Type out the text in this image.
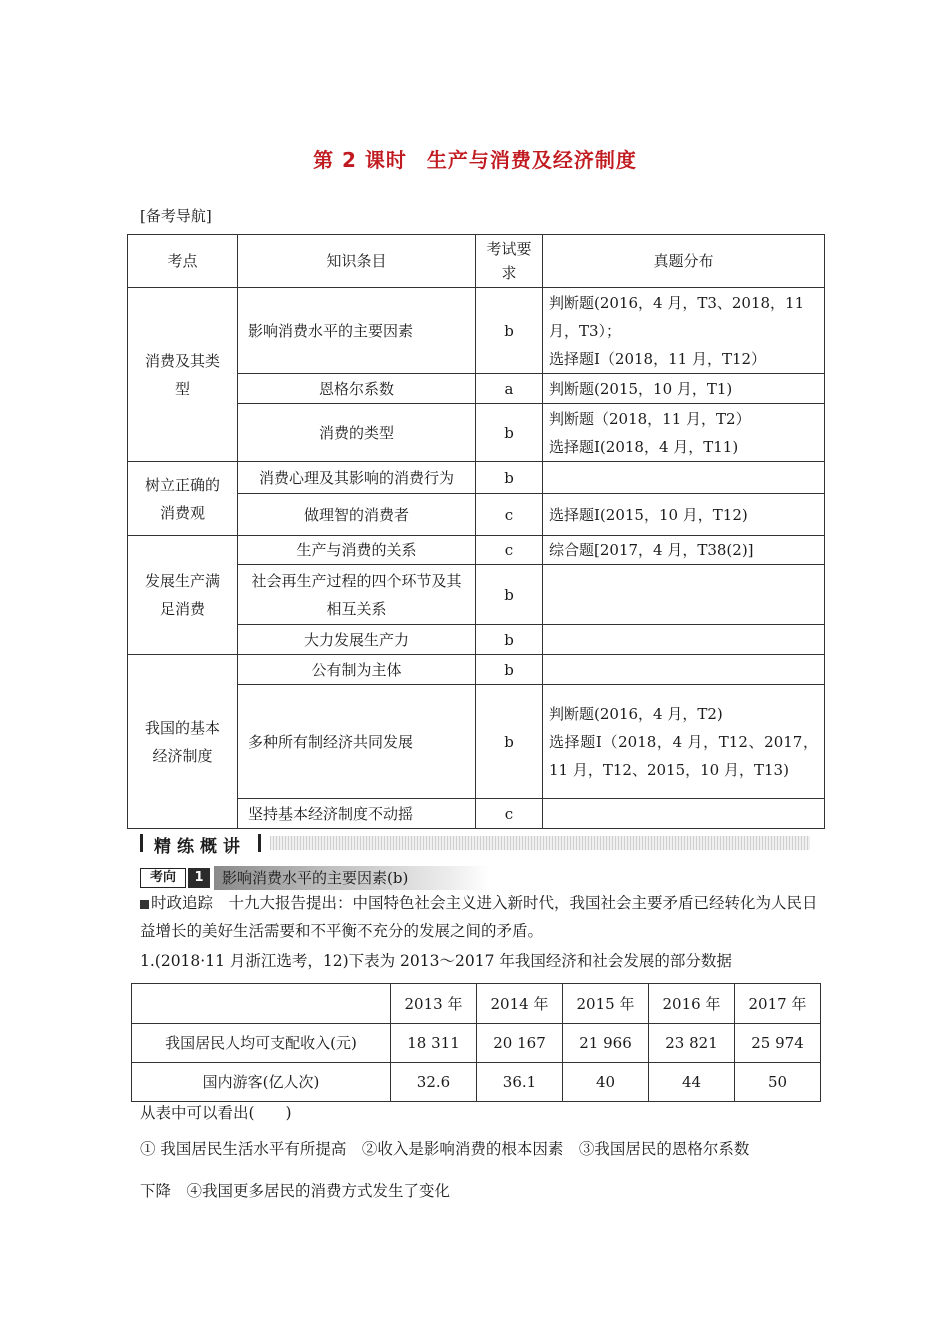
第 2 课时 生产与消费及经济制度
[备考导航]
考点	知识条目	考试要求	真题分布
消费及其类型	影响消费水平的主要因素	b	判断题(2016，4 月，T3、2018，11 月，T3）；
选择题Ⅰ（2018，11 月，T12）
	恩格尔系数	a	判断题(2015，10 月，T1)
	消费的类型	b	判断题（2018，11 月，T2）
选择题Ⅰ(2018，4 月，T11)
树立正确的消费观	消费心理及其影响的消费行为	b	
	做理智的消费者	c	选择题Ⅰ(2015，10 月，T12)
发展生产满足消费	生产与消费的关系	c	综合题[2017，4 月，T38(2)]
	社会再生产过程的四个环节及其相互关系	b	
	大力发展生产力	b	
我国的基本经济制度	公有制为主体	b	
	多种所有制经济共同发展	b	判断题(2016，4 月，T2)
选择题Ⅰ（2018，4 月，T12、2017，11 月，T12、2015，10 月，T13)

	坚持基本经济制度不动摇	c	
精练概讲
考向	1	影响消费水平的主要因素(b)
时政追踪　 十九大报告提出：中国特色社会主义进入新时代，我国社会主要矛盾已经转化为人民日益增长的美好生活需要和不平衡不充分的发展之间的矛盾。
1.(2018·11 月浙江选考，12)下表为 2013～2017 年我国经济和社会发展的部分数据
	2013 年	2014 年	2015 年	2016 年	2017 年
我国居民人均可支配收入(元)	18 311	20 167	21 966	23 821	25 974
国内游客(亿人次)	32.6	36.1	40	44	50
从表中可以看出(　　)
① 我国居民生活水平有所提高　②收入是影响消费的根本因素　③我国居民的恩格尔系数
下降　④我国更多居民的消费方式发生了变化
